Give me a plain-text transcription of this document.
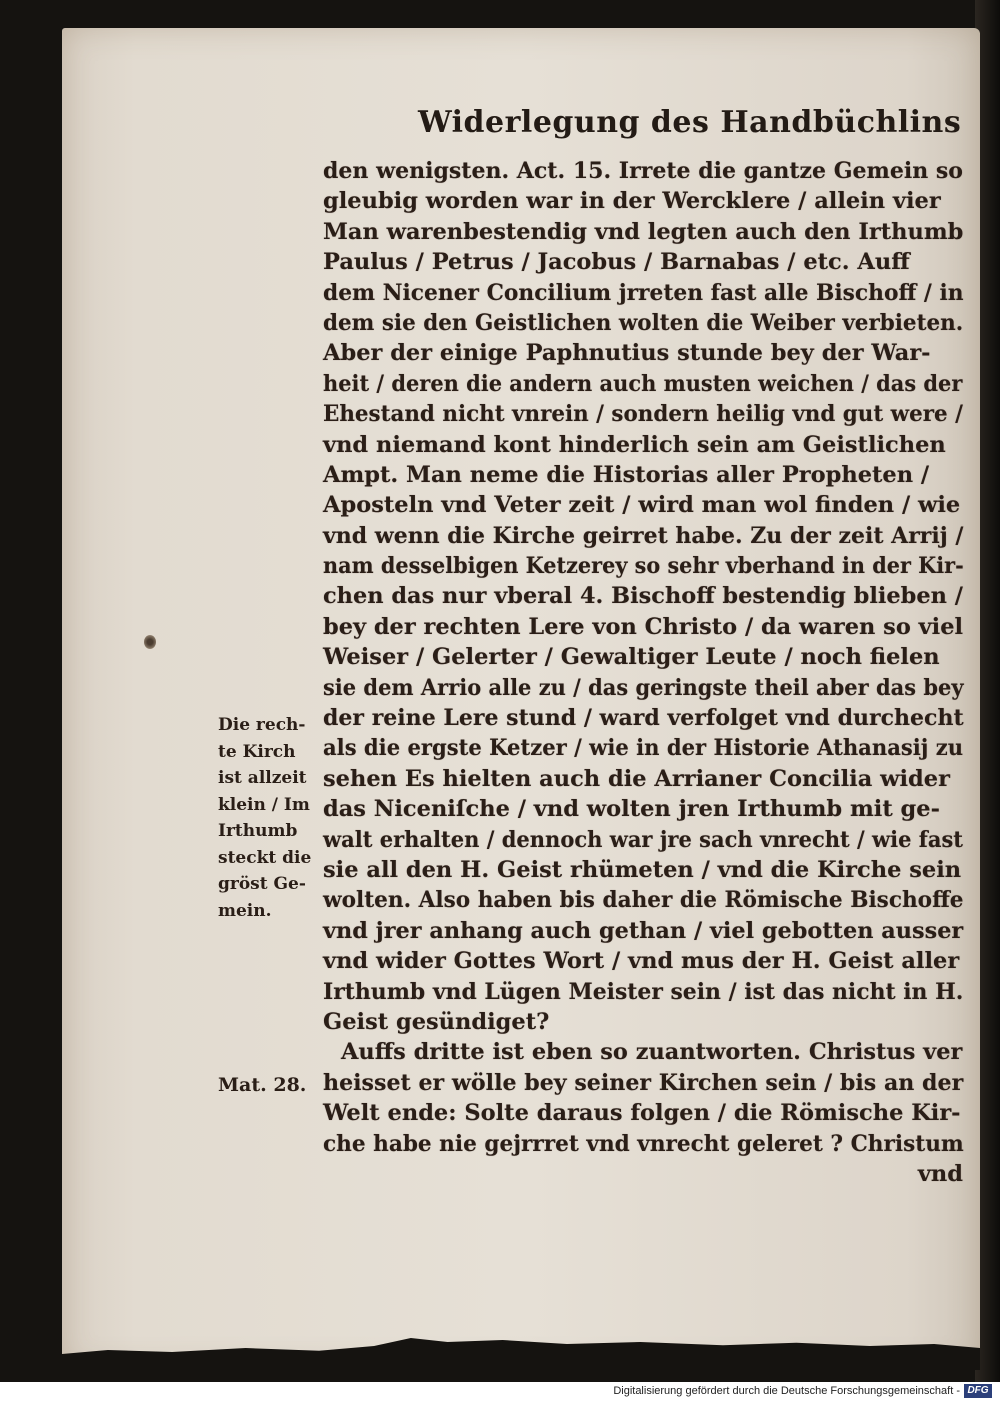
Widerlegung des Handbüchlins
den wenigsten. Act. 15. Irrete die gantze Gemein so
gleubig worden war in der Wercklere / allein vier
Man warenbestendig vnd legten auch den Irthumb
Paulus / Petrus / Jacobus / Barnabas / etc. Auff
dem Nicener Concilium jrreten fast alle Bischoff / in
dem sie den Geistlichen wolten die Weiber verbieten.
Aber der einige Paphnutius stunde bey der War-
heit / deren die andern auch musten weichen / das der
Ehestand nicht vnrein / sondern heilig vnd gut were /
vnd niemand kont hinderlich sein am Geistlichen
Ampt. Man neme die Historias aller Propheten /
Aposteln vnd Veter zeit / wird man wol finden / wie
vnd wenn die Kirche geirret habe. Zu der zeit Arrij /
nam desselbigen Ketzerey so sehr vberhand in der Kir-
chen das nur vberal 4. Bischoff bestendig blieben /
bey der rechten Lere von Christo / da waren so viel
Weiser / Gelerter / Gewaltiger Leute / noch fielen
sie dem Arrio alle zu / das geringste theil aber das bey
der reine Lere stund / ward verfolget vnd durchecht
als die ergste Ketzer / wie in der Historie Athanasij zu
sehen Es hielten auch die Arrianer Concilia wider
das Niceniſche / vnd wolten jren Irthumb mit ge-
walt erhalten / dennoch war jre sach vnrecht / wie fast
sie all den H. Geist rhümeten / vnd die Kirche sein
wolten. Also haben bis daher die Römische Bischoffe
vnd jrer anhang auch gethan / viel gebotten ausser
vnd wider Gottes Wort / vnd mus der H. Geist aller
Irthumb vnd Lügen Meister sein / ist das nicht in H.
Geist gesündiget?
Auffs dritte ist eben so zuantworten. Christus ver
heisset er wölle bey seiner Kirchen sein / bis an der
Welt ende: Solte daraus folgen / die Römische Kir-
che habe nie gejrrret vnd vnrecht geleret ? Christum
vnd
Die rech-
te Kirch
ist allzeit
klein / Im
Irthumb
steckt die
gröst Ge-
mein.
Mat. 28.
Digitalisierung gefördert durch die Deutsche Forschungsgemeinschaft - DFG
